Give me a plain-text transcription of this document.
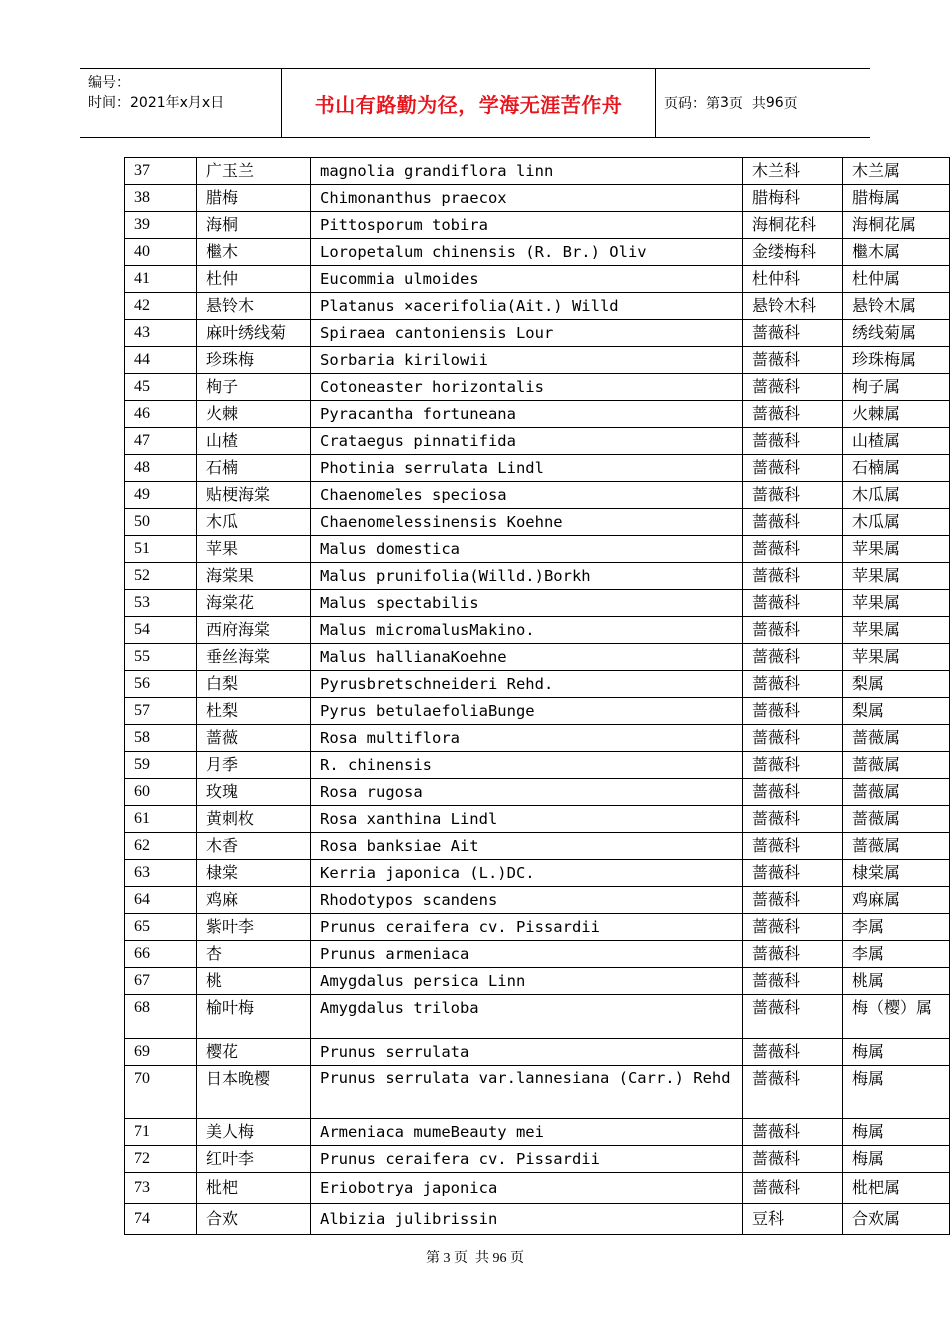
编号：
时间：2021年x月x日	书山有路勤为径，学海无涯苦作舟	页码：第 3 页  共 96 页
37	广玉兰	magnolia grandiflora linn	木兰科	木兰属
38	腊梅	Chimonanthus praecox	腊梅科	腊梅属
39	海桐	Pittosporum tobira	海桐花科	海桐花属
40	檵木	Loropetalum chinensis (R. Br.) Oliv	金缕梅科	檵木属
41	杜仲	Eucommia ulmoides	杜仲科	杜仲属
42	悬铃木	Platanus ×acerifolia(Ait.) Willd	悬铃木科	悬铃木属
43	麻叶绣线菊	Spiraea cantoniensis Lour	蔷薇科	绣线菊属
44	珍珠梅	Sorbaria kirilowii	蔷薇科	珍珠梅属
45	栒子	Cotoneaster horizontalis	蔷薇科	栒子属
46	火棘	Pyracantha fortuneana	蔷薇科	火棘属
47	山楂	Crataegus pinnatifida	蔷薇科	山楂属
48	石楠	Photinia serrulata Lindl	蔷薇科	石楠属
49	贴梗海棠	Chaenomeles speciosa	蔷薇科	木瓜属
50	木瓜	Chaenomelessinensis Koehne	蔷薇科	木瓜属
51	苹果	Malus domestica	蔷薇科	苹果属
52	海棠果	Malus prunifolia(Willd.)Borkh	蔷薇科	苹果属
53	海棠花	Malus spectabilis	蔷薇科	苹果属
54	西府海棠	Malus micromalusMakino.	蔷薇科	苹果属
55	垂丝海棠	Malus hallianaKoehne	蔷薇科	苹果属
56	白梨	Pyrusbretschneideri Rehd.	蔷薇科	梨属
57	杜梨	Pyrus betulaefoliaBunge	蔷薇科	梨属
58	蔷薇	Rosa multiflora	蔷薇科	蔷薇属
59	月季	R. chinensis	蔷薇科	蔷薇属
60	玫瑰	Rosa rugosa	蔷薇科	蔷薇属
61	黄刺枚	Rosa xanthina Lindl	蔷薇科	蔷薇属
62	木香	Rosa banksiae Ait	蔷薇科	蔷薇属
63	棣棠	Kerria japonica (L.)DC.	蔷薇科	棣棠属
64	鸡麻	Rhodotypos scandens	蔷薇科	鸡麻属
65	紫叶李	Prunus ceraifera cv. Pissardii	蔷薇科	李属
66	杏	Prunus armeniaca	蔷薇科	李属
67	桃	Amygdalus persica Linn	蔷薇科	桃属
68	榆叶梅	Amygdalus triloba	蔷薇科	梅（樱）属
69	樱花	Prunus serrulata	蔷薇科	梅属
70	日本晚樱	Prunus serrulata var.lannesiana (Carr.) Rehd	蔷薇科	梅属
71	美人梅	Armeniaca mumeBeauty mei	蔷薇科	梅属
72	红叶李	Prunus ceraifera cv. Pissardii	蔷薇科	梅属
73	枇杷	Eriobotrya japonica	蔷薇科	枇杷属
74	合欢	Albizia julibrissin	豆科	合欢属
第 3 页  共 96 页
